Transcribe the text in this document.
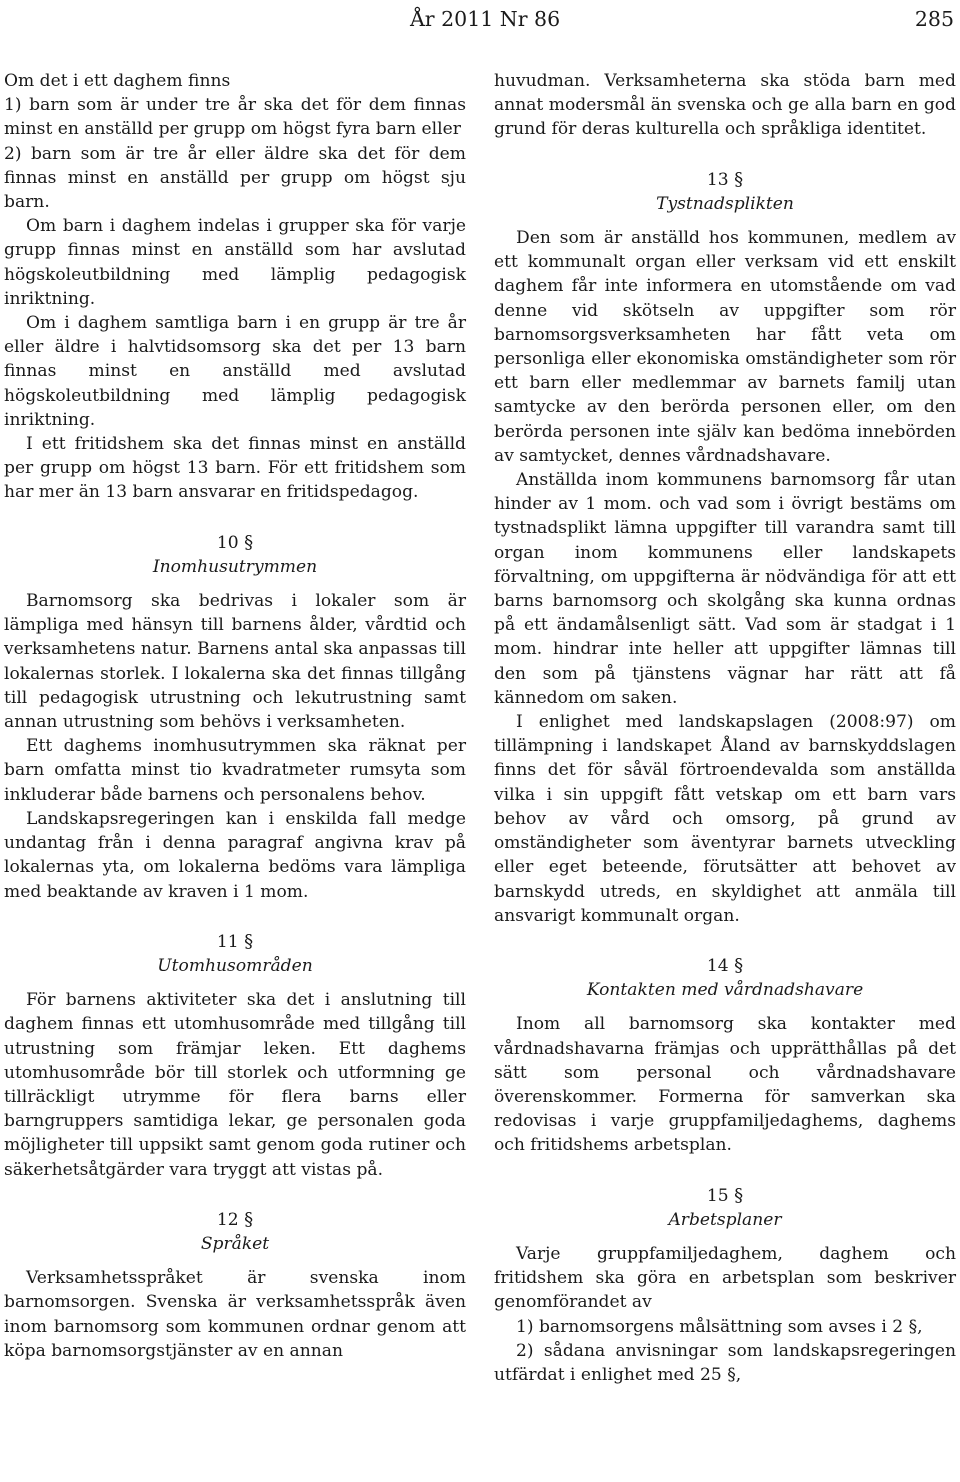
År 2011 Nr 86	285

Om det i ett daghem finns

1) barn som är under tre år ska det för dem finnas minst en anställd per grupp om högst fyra barn eller

2) barn som är tre år eller äldre ska det för dem finnas minst en anställd per grupp om högst sju barn.

Om barn i daghem indelas i grupper ska för varje grupp finnas minst en anställd som har avslutad högskoleutbildning med lämplig pedagogisk inriktning.

Om i daghem samtliga barn i en grupp är tre år eller äldre i halvtidsomsorg ska det per 13 barn finnas minst en anställd med avslutad högskoleutbildning med lämplig pedagogisk inriktning.

I ett fritidshem ska det finnas minst en anställd per grupp om högst 13 barn. För ett fritidshem som har mer än 13 barn ansvarar en fritidspedagog.

10 §

Inomhusutrymmen

Barnomsorg ska bedrivas i lokaler som är lämpliga med hänsyn till barnens ålder, vårdtid och verksamhetens natur. Barnens antal ska anpassas till lokalernas storlek. I lokalerna ska det finnas tillgång till pedagogisk utrustning och lekutrustning samt annan utrustning som behövs i verksamheten.

Ett daghems inomhusutrymmen ska räknat per barn omfatta minst tio kvadratmeter rumsyta som inkluderar både barnens och personalens behov.

Landskapsregeringen kan i enskilda fall medge undantag från i denna paragraf angivna krav på lokalernas yta, om lokalerna bedöms vara lämpliga med beaktande av kraven i 1 mom.

11 §

Utomhusområden

För barnens aktiviteter ska det i anslutning till daghem finnas ett utomhusområde med tillgång till utrustning som främjar leken. Ett daghems utomhusområde bör till storlek och utformning ge tillräckligt utrymme för flera barns eller barngruppers samtidiga lekar, ge personalen goda möjligheter till uppsikt samt genom goda rutiner och säkerhetsåtgärder vara tryggt att vistas på.

12 §

Språket

Verksamhetsspråket är svenska inom barnomsorgen. Svenska är verksamhetsspråk även inom barnomsorg som kommunen ordnar genom att köpa barnomsorgstjänster av en annan

huvudman. Verksamheterna ska stöda barn med annat modersmål än svenska och ge alla barn en god grund för deras kulturella och språkliga identitet.

13 §

Tystnadsplikten

Den som är anställd hos kommunen, medlem av ett kommunalt organ eller verksam vid ett enskilt daghem får inte informera en utomstående om vad denne vid skötseln av uppgifter som rör barnomsorgsverksamheten har fått veta om personliga eller ekonomiska omständigheter som rör ett barn eller medlemmar av barnets familj utan samtycke av den berörda personen eller, om den berörda personen inte själv kan bedöma innebörden av samtycket, dennes vårdnadshavare.

Anställda inom kommunens barnomsorg får utan hinder av 1 mom. och vad som i övrigt bestäms om tystnadsplikt lämna uppgifter till varandra samt till organ inom kommunens eller landskapets förvaltning, om uppgifterna är nödvändiga för att ett barns barnomsorg och skolgång ska kunna ordnas på ett ändamålsenligt sätt. Vad som är stadgat i 1 mom. hindrar inte heller att uppgifter lämnas till den som på tjänstens vägnar har rätt att få kännedom om saken.

I enlighet med landskapslagen (2008:97) om tillämpning i landskapet Åland av barnskyddslagen finns det för såväl förtroendevalda som anställda vilka i sin uppgift fått vetskap om ett barn vars behov av vård och omsorg, på grund av omständigheter som äventyrar barnets utveckling eller eget beteende, förutsätter att behovet av barnskydd utreds, en skyldighet att anmäla till ansvarigt kommunalt organ.

14 §

Kontakten med vårdnadshavare

Inom all barnomsorg ska kontakter med vårdnadshavarna främjas och upprätthållas på det sätt som personal och vårdnadshavare överenskommer. Formerna för samverkan ska redovisas i varje gruppfamiljedaghems, daghems och fritidshems arbetsplan.

15 §

Arbetsplaner

Varje gruppfamiljedaghem, daghem och fritidshem ska göra en arbetsplan som beskriver genomförandet av

1) barnomsorgens målsättning som avses i 2 §,

2) sådana anvisningar som landskapsregeringen utfärdat i enlighet med 25 §,
